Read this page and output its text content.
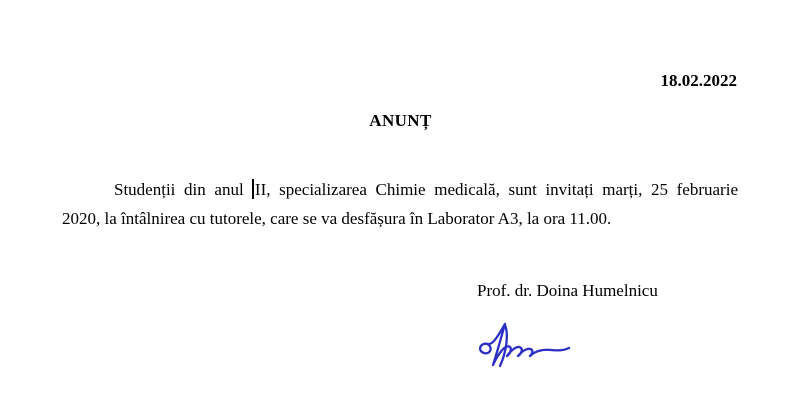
18.02.2022
ANUNȚ
Studenții din anul II, specializarea Chimie medicală, sunt invitați marți, 25 februarie
2020, la întâlnirea cu tutorele, care se va desfășura în Laborator A3, la ora 11.00.
Prof. dr. Doina Humelnicu
